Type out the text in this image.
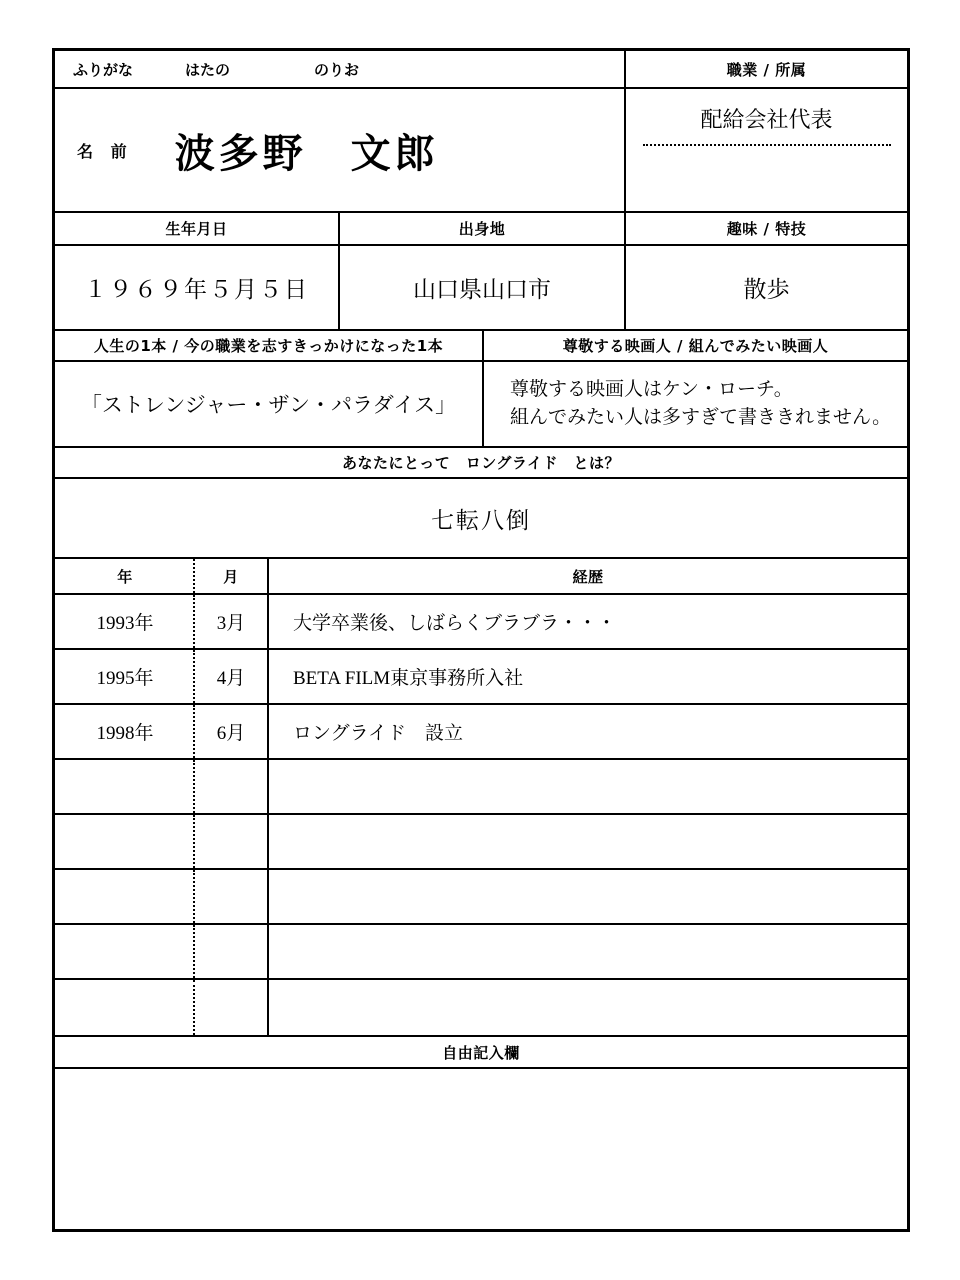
ふりがな	はたの	のりお	職業 / 所属
名 前 波多野　文郎
配給会社代表
生年月日	出身地	趣味 / 特技
１９６９年５月５日	山口県山口市	散歩
人生の1本 / 今の職業を志すきっかけになった1本	尊敬する映画人 / 組んでみたい映画人
「ストレンジャー・ザン・パラダイス」
尊敬する映画人はケン・ローチ。
組んでみたい人は多すぎて書ききれません。
あなたにとって　ロングライド　とは？
七転八倒
年	月	経歴
1993年	3月	大学卒業後、しばらくブラブラ・・・
1995年	4月	BETA FILM東京事務所入社
1998年	6月	ロングライド　設立
自由記入欄
